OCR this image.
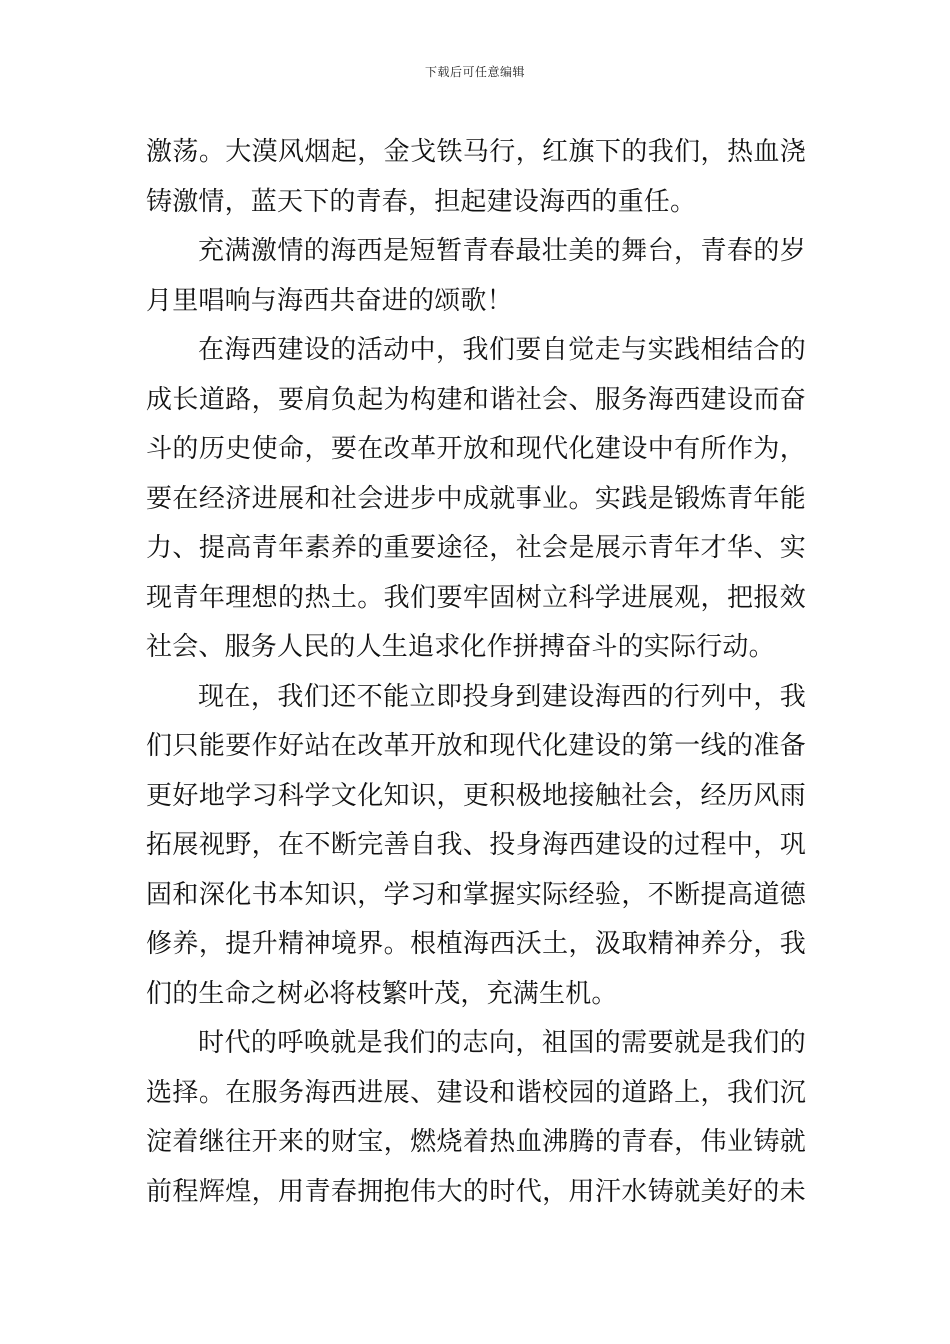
下载后可任意编辑
激荡。大漠风烟起，金戈铁马行，红旗下的我们，热血浇
铸激情，蓝天下的青春，担起建设海西的重任。
充满激情的海西是短暂青春最壮美的舞台，青春的岁
月里唱响与海西共奋进的颂歌！
在海西建设的活动中，我们要自觉走与实践相结合的
成长道路，要肩负起为构建和谐社会、服务海西建设而奋
斗的历史使命，要在改革开放和现代化建设中有所作为，
要在经济进展和社会进步中成就事业。实践是锻炼青年能
力、提高青年素养的重要途径，社会是展示青年才华、实
现青年理想的热土。我们要牢固树立科学进展观，把报效
社会、服务人民的人生追求化作拼搏奋斗的实际行动。
现在，我们还不能立即投身到建设海西的行列中，我
们只能要作好站在改革开放和现代化建设的第一线的准备
更好地学习科学文化知识，更积极地接触社会，经历风雨
拓展视野，在不断完善自我、投身海西建设的过程中，巩
固和深化书本知识，学习和掌握实际经验，不断提高道德
修养，提升精神境界。根植海西沃土，汲取精神养分，我
们的生命之树必将枝繁叶茂，充满生机。
时代的呼唤就是我们的志向，祖国的需要就是我们的
选择。在服务海西进展、建设和谐校园的道路上，我们沉
淀着继往开来的财宝，燃烧着热血沸腾的青春，伟业铸就
前程辉煌，用青春拥抱伟大的时代，用汗水铸就美好的未
